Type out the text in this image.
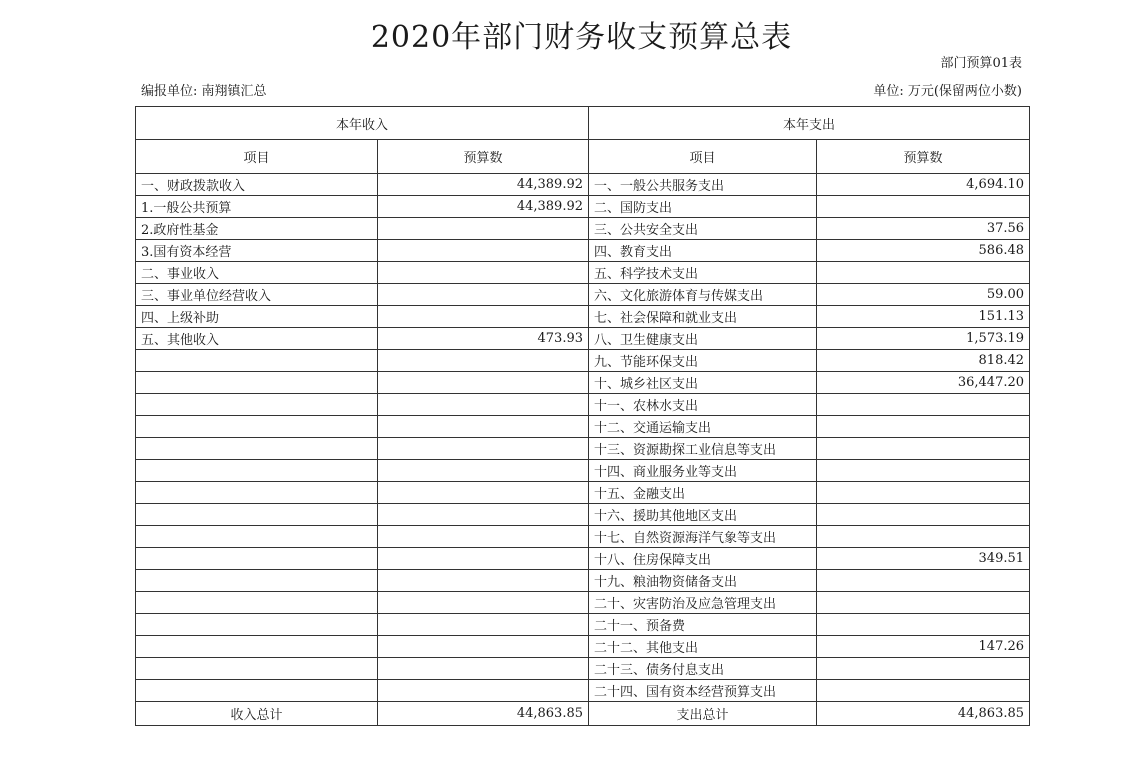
2020年部门财务收支预算总表
部门预算01表
编报单位: 南翔镇汇总	单位: 万元(保留两位小数)
本年收入		本年支出	
项目	预算数	项目	预算数
一、财政拨款收入	44,389.92	一、一般公共服务支出	4,694.10
1.一般公共预算	44,389.92	二、国防支出	
2.政府性基金		三、公共安全支出	37.56
3.国有资本经营		四、教育支出	586.48
二、事业收入		五、科学技术支出	
三、事业单位经营收入		六、文化旅游体育与传媒支出	59.00
四、上级补助		七、社会保障和就业支出	151.13
五、其他收入	473.93	八、卫生健康支出	1,573.19
		九、节能环保支出	818.42
		十、城乡社区支出	36,447.20
		十一、农林水支出	
		十二、交通运输支出	
		十三、资源勘探工业信息等支出	
		十四、商业服务业等支出	
		十五、金融支出	
		十六、援助其他地区支出	
		十七、自然资源海洋气象等支出	
		十八、住房保障支出	349.51
		十九、粮油物资储备支出	
		二十、灾害防治及应急管理支出	
		二十一、预备费	
		二十二、其他支出	147.26
		二十三、债务付息支出	
		二十四、国有资本经营预算支出	
收入总计	44,863.85	支出总计	44,863.85
